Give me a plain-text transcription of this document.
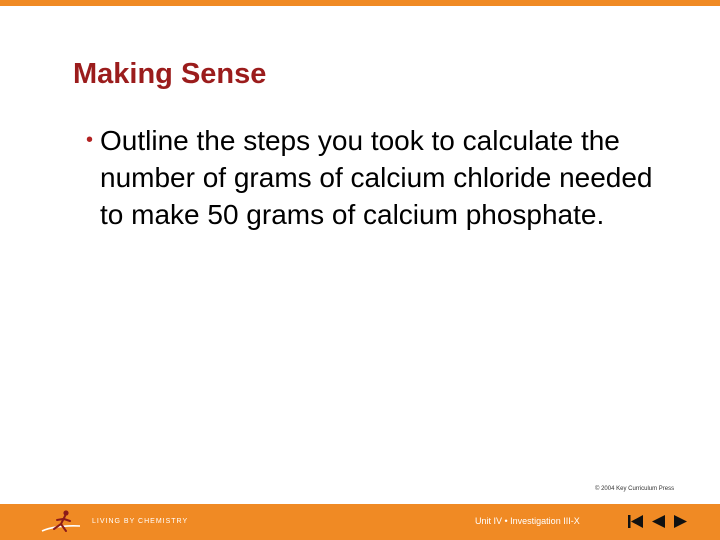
Making Sense
• Outline the steps you took to calculate the number of grams of calcium chloride needed to make 50 grams of calcium phosphate.
© 2004 Key Curriculum Press
LIVING BY CHEMISTRY	Unit IV • Investigation III-X
